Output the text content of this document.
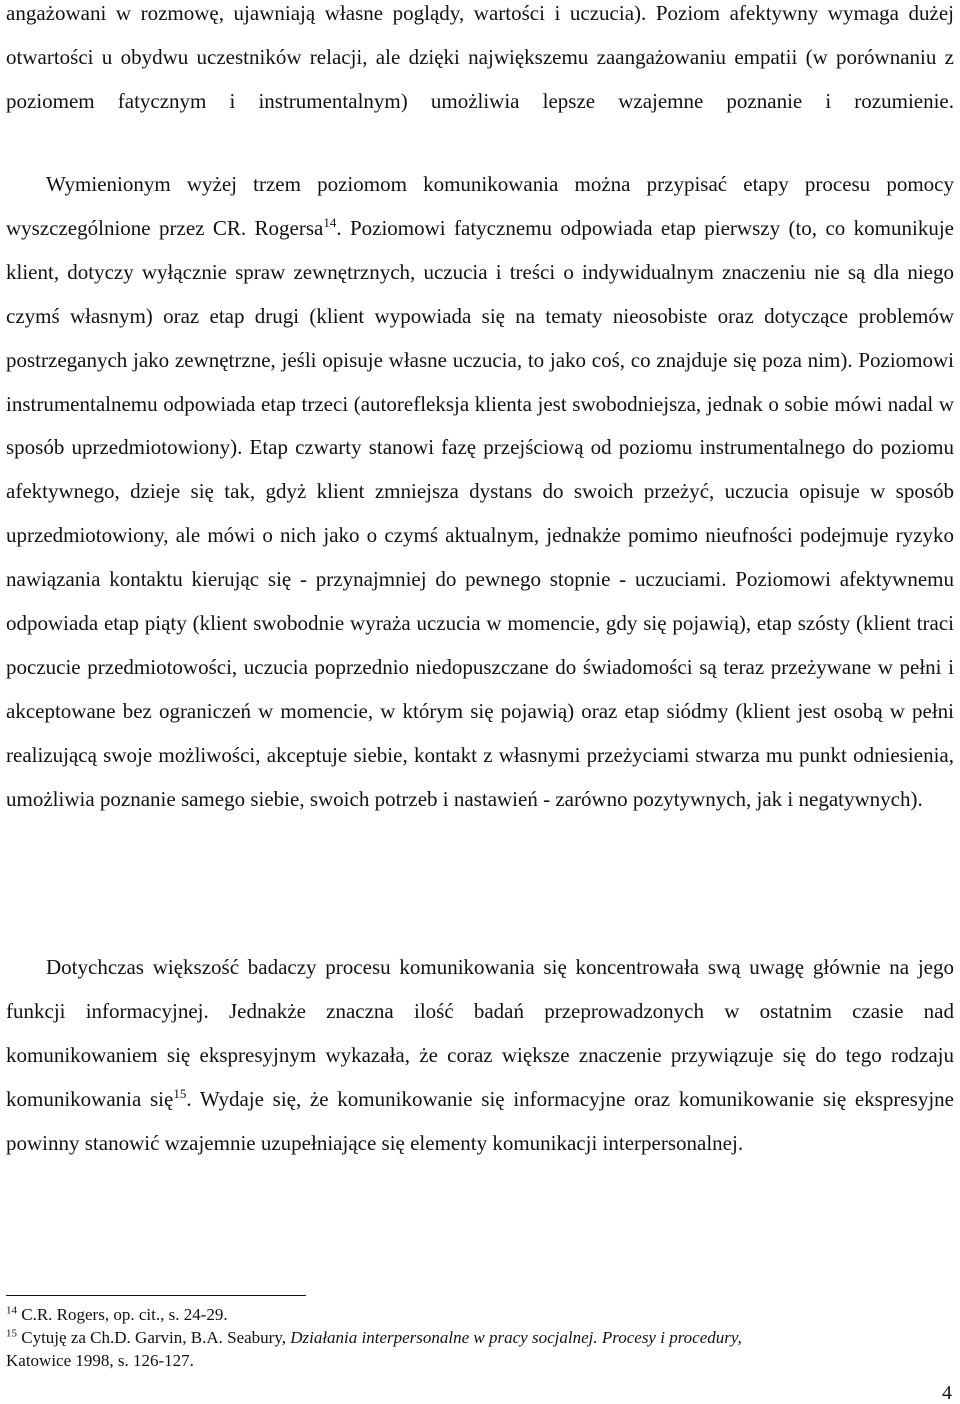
angażowani w rozmowę, ujawniają własne poglądy, wartości i uczucia). Poziom afektywny wymaga dużej otwartości u obydwu uczestników relacji, ale dzięki największemu zaangażowaniu empatii (w porównaniu z poziomem fatycznym i instrumentalnym) umożliwia lepsze wzajemne poznanie i rozumienie.

Wymienionym wyżej trzem poziomom komunikowania można przypisać etapy procesu pomocy wyszczególnione przez CR. Rogersa$^{14}$. Poziomowi fatycznemu odpowiada etap pierwszy (to, co komunikuje klient, dotyczy wyłącznie spraw zewnętrznych, uczucia i treści o indywidualnym znaczeniu nie są dla niego czymś własnym) oraz etap drugi (klient wypowiada się na tematy nieosobiste oraz dotyczące problemów postrzeganych jako zewnętrzne, jeśli opisuje własne uczucia, to jako coś, co znajduje się poza nim). Poziomowi instrumentalnemu odpowiada etap trzeci (autorefleksja klienta jest swobodniejsza, jednak o sobie mówi nadal w sposób uprzedmiotowiony). Etap czwarty stanowi fazę przejściową od poziomu instrumentalnego do poziomu afektywnego, dzieje się tak, gdyż klient zmniejsza dystans do swoich przeżyć, uczucia opisuje w sposób uprzedmiotowiony, ale mówi o nich jako o czymś aktualnym, jednakże pomimo nieufności podejmuje ryzyko nawiązania kontaktu kierując się - przynajmniej do pewnego stopnie - uczuciami. Poziomowi afektywnemu odpowiada etap piąty (klient swobodnie wyraża uczucia w momencie, gdy się pojawią), etap szósty (klient traci poczucie przedmiotowości, uczucia poprzednio niedopuszczane do świadomości są teraz przeżywane w pełni i akceptowane bez ograniczeń w momencie, w którym się pojawią) oraz etap siódmy (klient jest osobą w pełni realizującą swoje możliwości, akceptuje siebie, kontakt z własnymi przeżyciami stwarza mu punkt odniesienia, umożliwia poznanie samego siebie, swoich potrzeb i nastawień - zarówno pozytywnych, jak i negatywnych).

Dotychczas większość badaczy procesu komunikowania się koncentrowała swą uwagę głównie na jego funkcji informacyjnej. Jednakże znaczna ilość badań przeprowadzonych w ostatnim czasie nad komunikowaniem się ekspresyjnym wykazała, że coraz większe znaczenie przywiązuje się do tego rodzaju komunikowania się$^{15}$. Wydaje się, że komunikowanie się informacyjne oraz komunikowanie się ekspresyjne powinny stanowić wzajemnie uzupełniające się elementy komunikacji interpersonalnej.

$^{14}$ C.R. Rogers, op. cit., s. 24-29.

$^{15}$ Cytuję za Ch.D. Garvin, B.A. Seabury, Działania interpersonalne w pracy socjalnej. Procesy i procedury,
Katowice 1998, s. 126-127.

4
